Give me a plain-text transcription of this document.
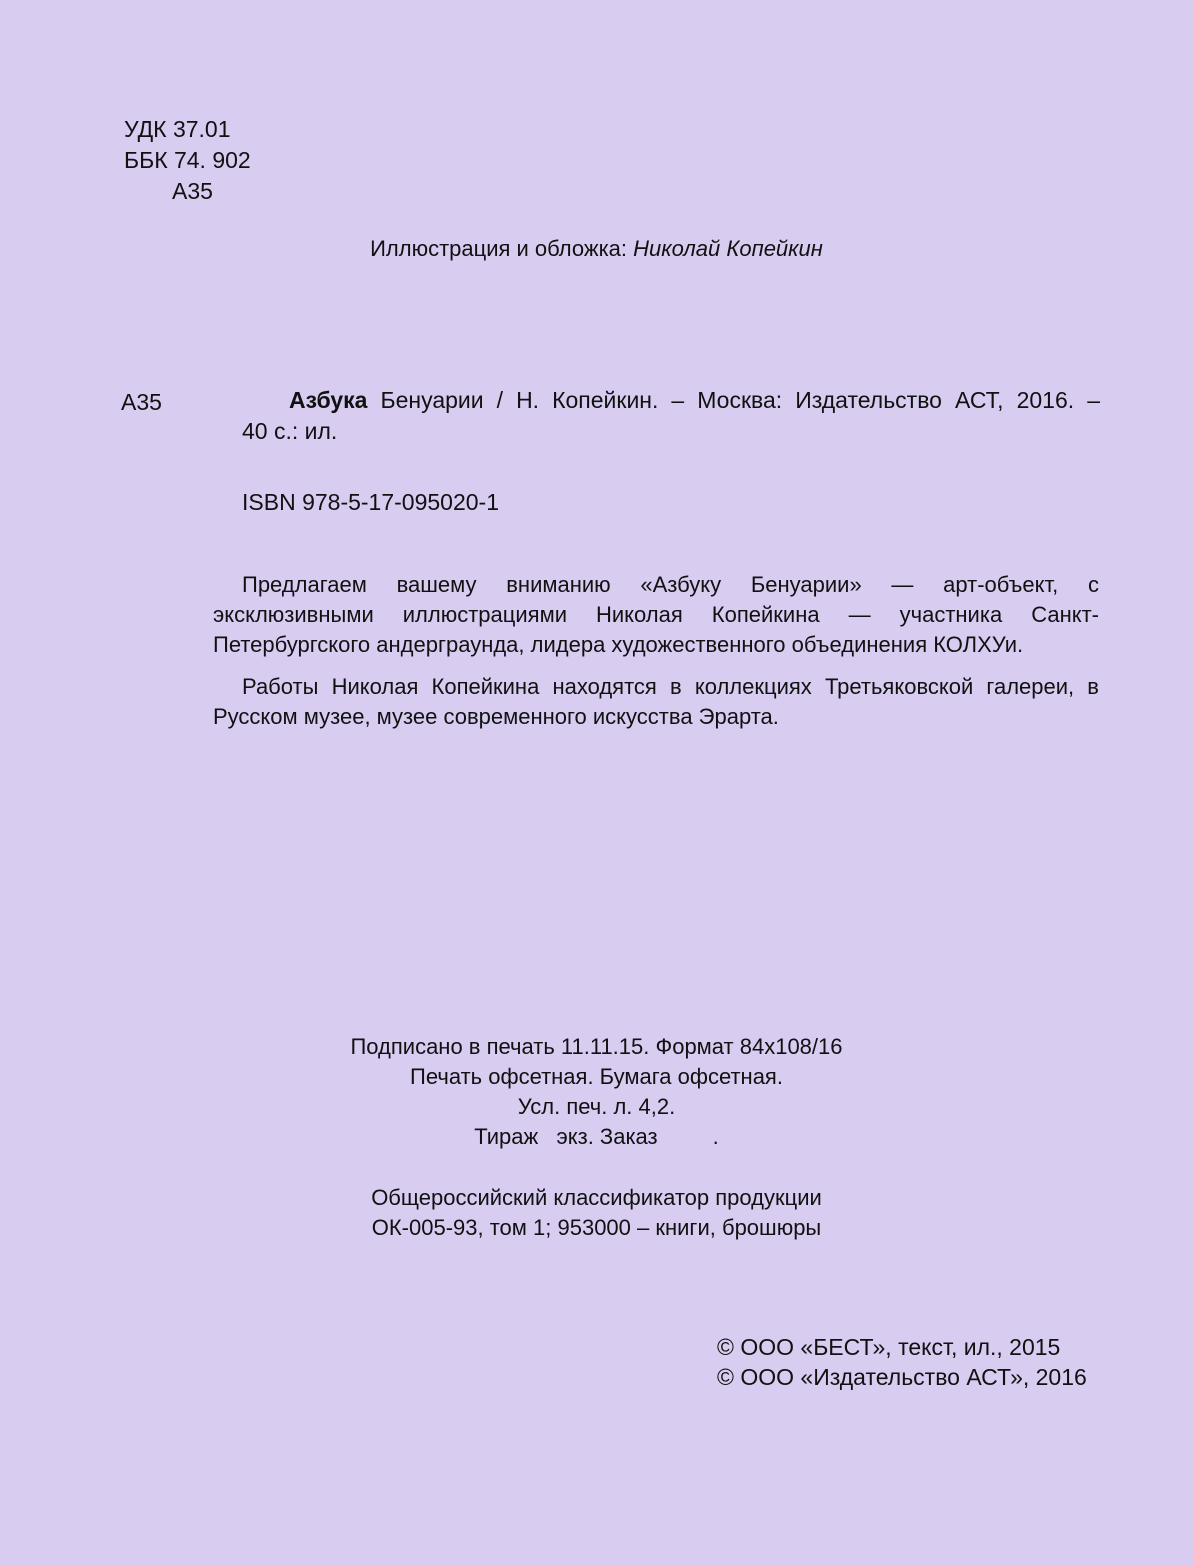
УДК 37.01
ББК 74. 902
А35
Иллюстрация и обложка: Николай Копейкин
А35	Азбука Бенуарии / Н. Копейкин. – Москва: Издательство АСТ, 2016. –
40 с.: ил.
ISBN 978-5-17-095020-1

Предлагаем вашему вниманию «Азбуку Бенуарии» — арт-объект, с эксклюзивными иллюстрациями Николая Копейкина — участника Санкт-Петербургского андерграунда, лидера художественного объединения КОЛХУи.

Работы Николая Копейкина находятся в коллекциях Третьяковской галереи, в Русском музее, музее современного искусства Эрарта.

Подписано в печать 11.11.15. Формат 84х108/16
Печать офсетная. Бумага офсетная.
Усл. печ. л. 4,2.
Тираж   экз. Заказ         .
Общероссийский классификатор продукции
ОК-005-93, том 1; 953000 – книги, брошюры
© ООО «БЕСТ», текст, ил., 2015
© ООО «Издательство АСТ», 2016
